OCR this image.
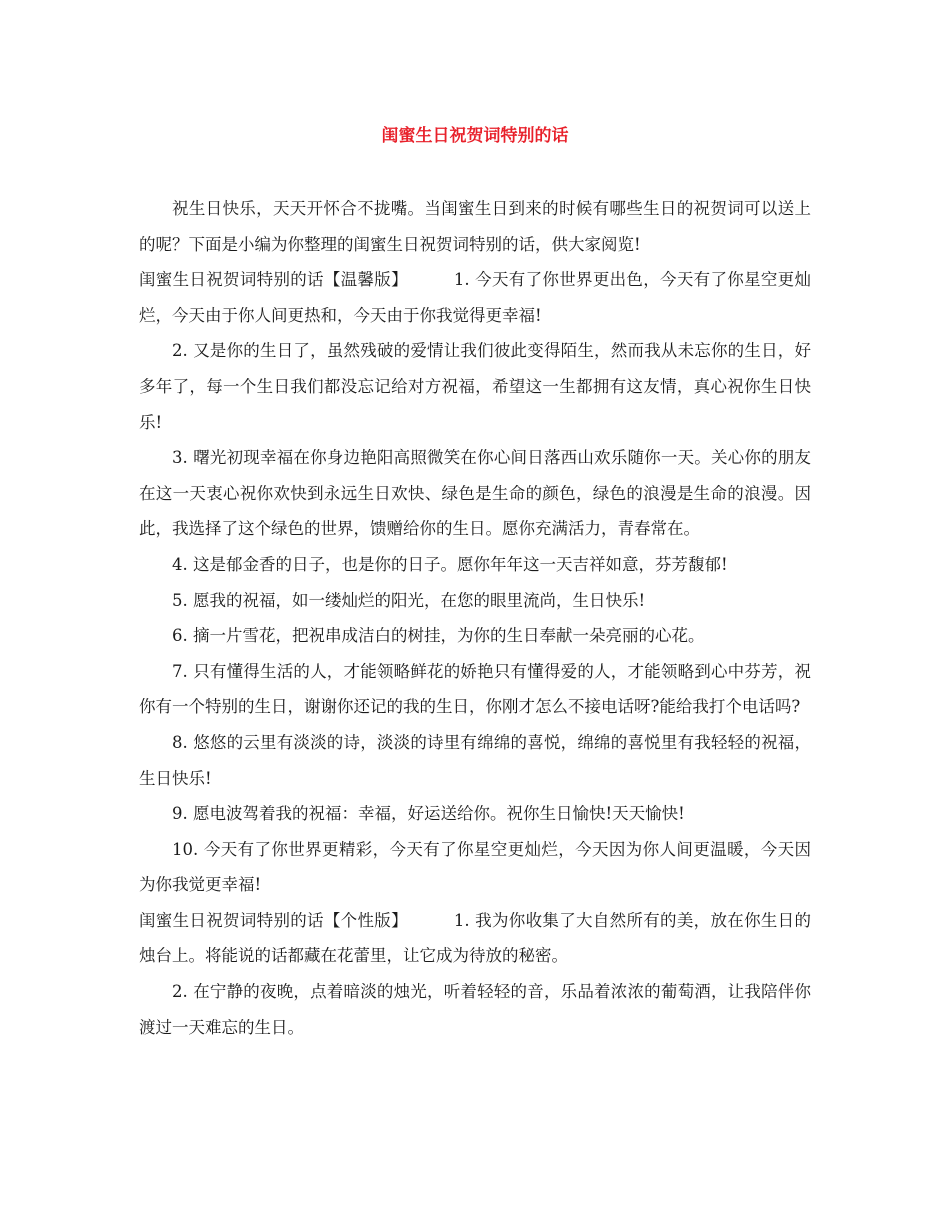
闺蜜生日祝贺词特别的话

祝生日快乐，天天开怀合不拢嘴。当闺蜜生日到来的时候有哪些生日的祝贺词可以送上的呢？下面是小编为你整理的闺蜜生日祝贺词特别的话，供大家阅览!

闺蜜生日祝贺词特别的话【温馨版】	1. 今天有了你世界更出色，今天有了你星空更灿烂，今天由于你人间更热和，今天由于你我觉得更幸福!

2. 又是你的生日了，虽然残破的爱情让我们彼此变得陌生，然而我从未忘你的生日，好多年了，每一个生日我们都没忘记给对方祝福，希望这一生都拥有这友情，真心祝你生日快乐!

3. 曙光初现幸福在你身边艳阳高照微笑在你心间日落西山欢乐随你一天。关心你的朋友在这一天衷心祝你欢快到永远生日欢快、绿色是生命的颜色，绿色的浪漫是生命的浪漫。因此，我选择了这个绿色的世界，馈赠给你的生日。愿你充满活力，青春常在。

4. 这是郁金香的日子，也是你的日子。愿你年年这一天吉祥如意，芬芳馥郁!

5. 愿我的祝福，如一缕灿烂的阳光，在您的眼里流尚，生日快乐!

6. 摘一片雪花，把祝串成洁白的树挂，为你的生日奉献一朵亮丽的心花。

7. 只有懂得生活的人，才能领略鲜花的娇艳只有懂得爱的人，才能领略到心中芬芳，祝你有一个特别的生日，谢谢你还记的我的生日，你刚才怎么不接电话呀?能给我打个电话吗?

8. 悠悠的云里有淡淡的诗，淡淡的诗里有绵绵的喜悦，绵绵的喜悦里有我轻轻的祝福，生日快乐!

9. 愿电波驾着我的祝福：幸福，好运送给你。祝你生日愉快!天天愉快!

10. 今天有了你世界更精彩，今天有了你星空更灿烂，今天因为你人间更温暖，今天因为你我觉更幸福!

闺蜜生日祝贺词特别的话【个性版】	1. 我为你收集了大自然所有的美，放在你生日的烛台上。将能说的话都藏在花蕾里，让它成为待放的秘密。

2. 在宁静的夜晚，点着暗淡的烛光，听着轻轻的音，乐品着浓浓的葡萄酒，让我陪伴你渡过一天难忘的生日。
